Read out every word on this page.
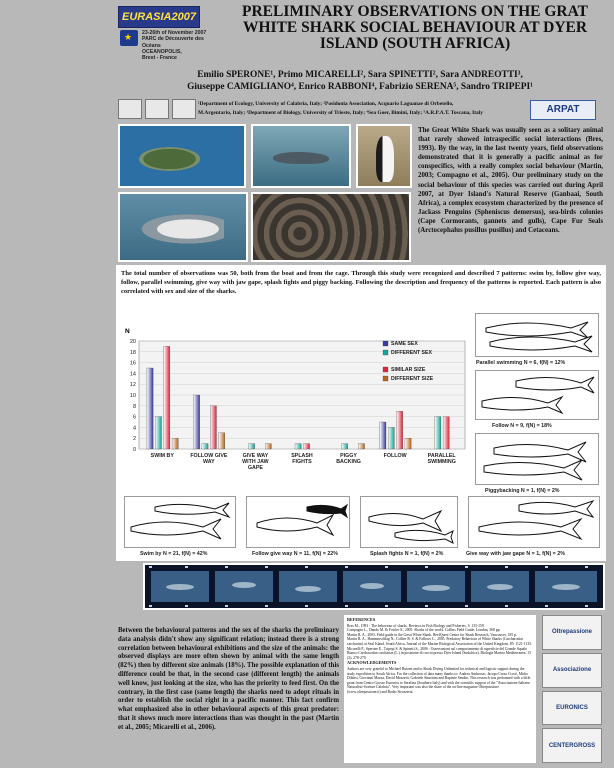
EURASIA2007
★
23-26th of November 2007
PARC de Découverte des Océans
OCEANOPOLIS,
Brest - France
PRELIMINARY OBSERVATIONS ON THE GRAT WHITE SHARK SOCIAL BEHAVIOUR AT DYER ISLAND (SOUTH AFRICA)
Emilio SPERONE¹, Primo MICARELLI², Sara SPINETTI², Sara ANDREOTTI³,
Giuseppe CAMIGLIANO⁴, Enrico RABBONI⁴, Fabrizio SERENA⁵, Sandro TRIPEPI¹
¹Department of Ecology, University of Calabria, Italy; ²Posidonia Association, Acquario Laguanae di Orbetello,
M.Argentario, Italy; ³Department of Biology, University of Trieste, Italy; ⁴Sea Goer, Bimini, Italy; ⁵A.R.P.A.T. Toscana, Italy	ARPAT

The Great White Shark was usually seen as a solitary animal that rarely showed intraspecific social interactions (Bres, 1993). By the way, in the last twenty years, field observations demonstrated that it is generally a pacific animal as for conspecifics, with a really complex social behaviour (Martin, 2003; Compagno et al., 2005). Our preliminary study on the social behaviour of this species was carried out during April 2007, at Dyer Island's Natural Reserve (Ganbaai, South Africa), a complex ecosystem characterized by the presence of Jackass Penguins (Spheniscus demersus), sea-birds colonies (Cape Cormorants, gannets and gulls), Cape Fur Seals (Arctocephalus pusillus pusillus) and Cetaceans.

The total number of observations was 50, both from the boat and from the cage. Through this study were recognized and described 7 patterns: swim by, follow give way, follow, parallel swimming, give way with jaw gape, splash fights and piggy backing. Following the description and frequency of the patterns is reported. Each pattern is also correlated with sex and size of the sharks.

0
2
4
6
8
10
12
14
16
18
20
N
SWIM BY	FOLLOW GIVE WAY
GIVE WAY WITH JAW GAPE
SPLASH FIGHTS
PIGGY BACKING
FOLLOW	PARALLEL SWIMMING
SAME SEX
DIFFERENT SEX
SIMILAR SIZE
DIFFERENT SIZE
Parallel swimming N = 6, f(N) = 12%
Follow N = 9, f(N) = 18%
Piggybacking N = 1, f(N) = 2%
Swim by N = 21, f(N) = 42%	Follow give way N = 11, f(N) = 22%	Splash fights N = 1, f(N) = 2%	Give way with jaw gape N = 1, f(N) = 2%

Between the behavioural patterns and the sex of the sharks the preliminary data analysis didn't show any significant relation; instead there is a strong correlation between behavioural exhibitions and the size of the animals: the observed displays are more often shown by animal with the same length (82%) then by different size animals (18%). The possible explanation of this difference could be that, in the second case (different length) the animals well know, just looking at the size, who has the priority to feed first. On the contrary, in the first case (same length) the sharks need to adopt rituals in order to establish the social right in a pacific manner. This fact confirm what emphasized also in other behavioural aspects of this great predator: that it shows much more interactions than was thought in the past (Martin et al., 2005; Micarelli et al., 2006).

REFERENCES
Bres M., 1993 - The behaviour of sharks. Reviews in Fish Biology and Fisheries, 3: 133-159.
Compagno L., Dando M. & Fowler S., 2005. Sharks of the world. Collins Field Guide, London, 368 pp.
Martin R. A., 2003. Field guide to the Great White Shark. ReefQuest Centre for Shark Research, Vancouver, 185 p.
Martin R. A., Hammerschlag N., Collier R. S. & Fallows C., 2005. Predatory Behaviour of White Sharks (Carcharodon carcharias) at Seal Island, South Africa. Journal of the Marine Biological Association of the United Kingdom, 85: 1121-1135.
Micarelli P., Sperone E., Tripepi S. & Spinetti S., 2006 - Osservazioni sul comportamento di superficie del Grande Squalo Bianco Carcharodon carcharias (L.) in posizione di caccia presso Dyer Island (Sudafrica). Biologia Marina Mediterranea. 13 (2): 278-279.
ACKNOWLEDGEMENTS
Authors are very grateful to Michael Rutzen and to Shark Diving Unlimited for technical and logistic support during the study expedition to South Africa. For the collection of data many thanks to: Andrea Ambrosio, Jacopo Corso Crocè, Mirko Diblasi, Giovanni Mazza, David Mezzetti, Gabriele Simonini and Baptiste Sendin. This research was performed with a little grant from Centro Grosso Euronics to Serafina (Southern Italy) and with the scientific support of the "Associazione Italiana Naturalisti-Scienze Calabria". Very important was also the share of the on-line magazine Oltrepassione (www.oltrepassione.it) and Radio Strozzeria.
Oltrepassione
Associazione
EURONICS
CENTERGROSS
